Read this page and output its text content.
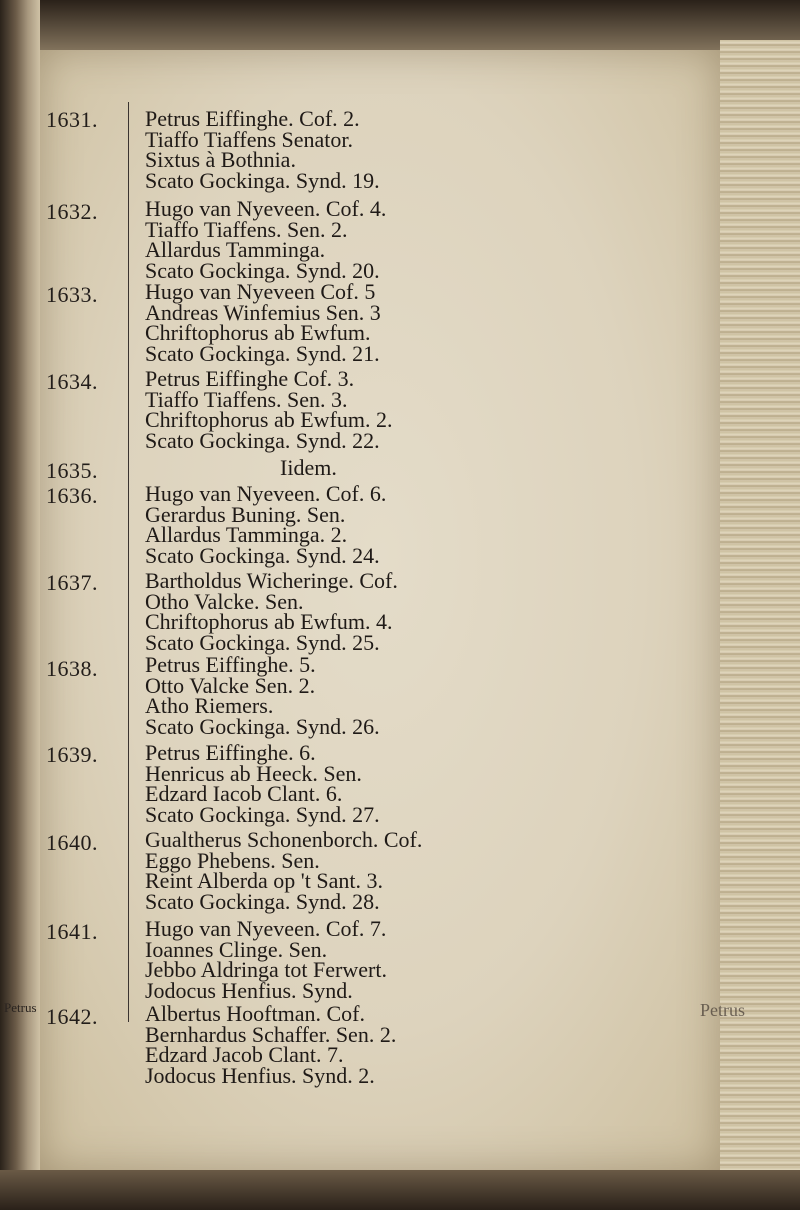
Petrus	Petrus
1631. Petrus Eiffinghe. Cof. 2.
Tiaffo Tiaffens Senator.
Sixtus à Bothnia.
Scato Gockinga. Synd. 19.
1632. Hugo van Nyeveen. Cof. 4.
Tiaffo Tiaffens. Sen. 2.
Allardus Tamminga.
Scato Gockinga. Synd. 20.
1633. Hugo van Nyeveen Cof. 5
Andreas Winfemius Sen. 3
Chriftophorus ab Ewfum.
Scato Gockinga. Synd. 21.
1634. Petrus Eiffinghe Cof. 3.
Tiaffo Tiaffens. Sen. 3.
Chriftophorus ab Ewfum. 2.
Scato Gockinga. Synd. 22.
1635.	Iidem.
1636. Hugo van Nyeveen. Cof. 6.
Gerardus Buning. Sen.
Allardus Tamminga. 2.
Scato Gockinga. Synd. 24.
1637. Bartholdus Wicheringe. Cof.
Otho Valcke. Sen.
Chriftophorus ab Ewfum. 4.
Scato Gockinga. Synd. 25.
1638. Petrus Eiffinghe. 5.
Otto Valcke Sen. 2.
Atho Riemers.
Scato Gockinga. Synd. 26.
1639. Petrus Eiffinghe. 6.
Henricus ab Heeck. Sen.
Edzard Iacob Clant. 6.
Scato Gockinga. Synd. 27.
1640. Gualtherus Schonenborch. Cof.
Eggo Phebens. Sen.
Reint Alberda op 't Sant. 3.
Scato Gockinga. Synd. 28.
1641. Hugo van Nyeveen. Cof. 7.
Ioannes Clinge. Sen.
Jebbo Aldringa tot Ferwert.
Jodocus Henfius. Synd.
1642. Albertus Hooftman. Cof.
Bernhardus Schaffer. Sen. 2.
Edzard Jacob Clant. 7.
Jodocus Henfius. Synd. 2.
